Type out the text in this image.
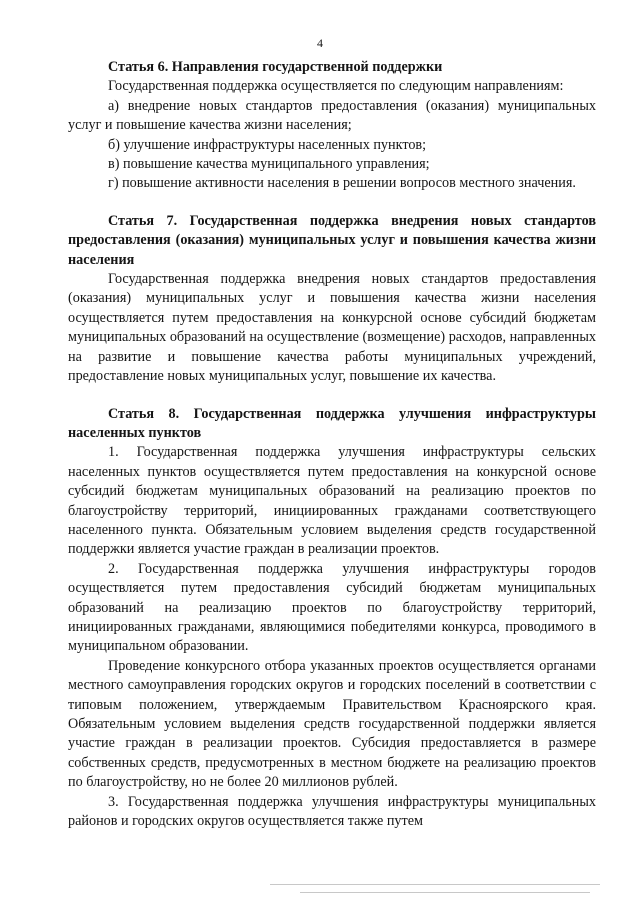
4

Статья 6. Направления государственной поддержки

Государственная поддержка осуществляется по следующим направлениям:

а) внедрение новых стандартов предоставления (оказания) муниципальных услуг и повышение качества жизни населения;

б) улучшение инфраструктуры населенных пунктов;

в) повышение качества муниципального управления;

г) повышение активности населения в решении вопросов местного значения.

Статья 7. Государственная поддержка внедрения новых стандартов предоставления (оказания) муниципальных услуг и повышения качества жизни населения

Государственная поддержка внедрения новых стандартов предоставления (оказания) муниципальных услуг и повышения качества жизни населения осуществляется путем предоставления на конкурсной основе субсидий бюджетам муниципальных образований на осуществление (возмещение) расходов, направленных на развитие и повышение качества работы муниципальных учреждений, предоставление новых муниципальных услуг, повышение их качества.

Статья 8. Государственная поддержка улучшения инфраструктуры населенных пунктов

1. Государственная поддержка улучшения инфраструктуры сельских населенных пунктов осуществляется путем предоставления на конкурсной основе субсидий бюджетам муниципальных образований на реализацию проектов по благоустройству территорий, инициированных гражданами соответствующего населенного пункта. Обязательным условием выделения средств государственной поддержки является участие граждан в реализации проектов.

2. Государственная поддержка улучшения инфраструктуры городов осуществляется путем предоставления субсидий бюджетам муниципальных образований на реализацию проектов по благоустройству территорий, инициированных гражданами, являющимися победителями конкурса, проводимого в муниципальном образовании.

Проведение конкурсного отбора указанных проектов осуществляется органами местного самоуправления городских округов и городских поселений в соответствии с типовым положением, утверждаемым Правительством Красноярского края. Обязательным условием выделения средств государственной поддержки является участие граждан в реализации проектов. Субсидия предоставляется в размере собственных средств, предусмотренных в местном бюджете на реализацию проектов по благоустройству, но не более 20 миллионов рублей.

3. Государственная поддержка улучшения инфраструктуры муниципальных районов и городских округов осуществляется также путем
